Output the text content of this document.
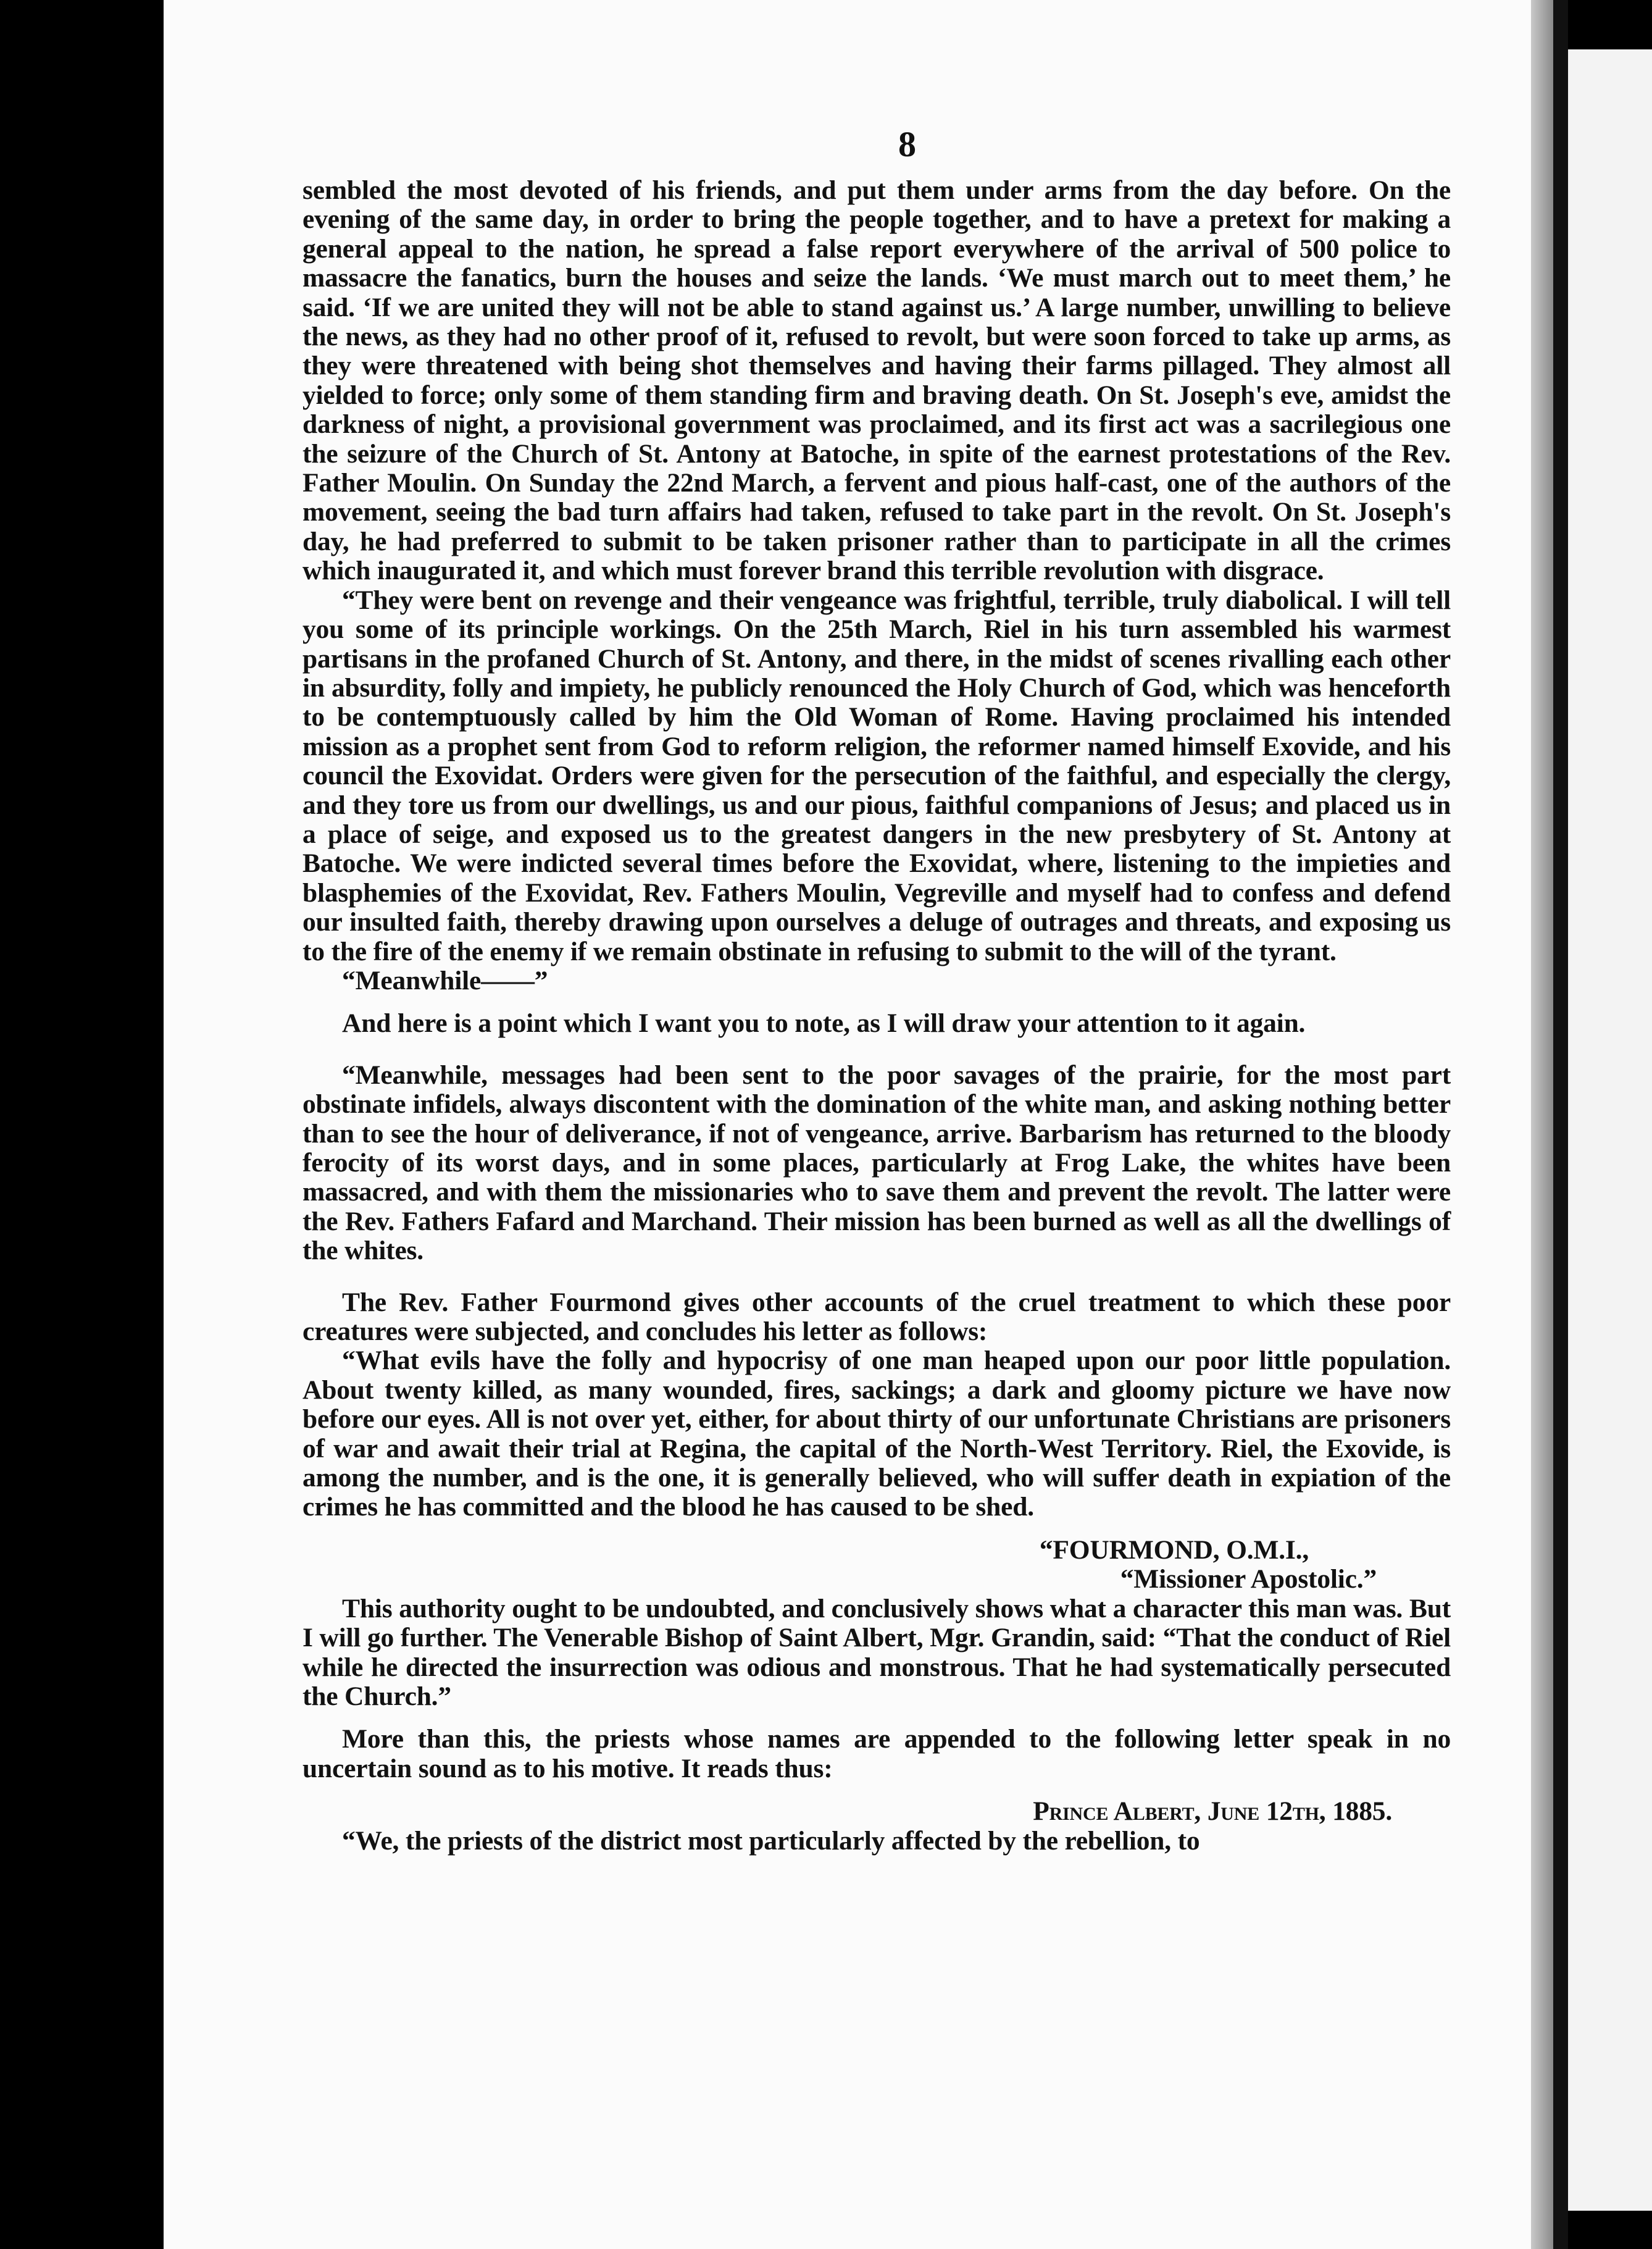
8

sembled the most devoted of his friends, and put them under arms from the day before. On the evening of the same day, in order to bring the people together, and to have a pretext for making a general appeal to the nation, he spread a false report everywhere of the arrival of 500 police to massacre the fanatics, burn the houses and seize the lands. ‘We must march out to meet them,’ he said. ‘If we are united they will not be able to stand against us.’ A large number, unwilling to believe the news, as they had no other proof of it, refused to revolt, but were soon forced to take up arms, as they were threatened with being shot themselves and having their farms pillaged. They almost all yielded to force; only some of them standing firm and braving death. On St. Joseph's eve, amidst the darkness of night, a provisional government was proclaimed, and its first act was a sacrilegious one the seizure of the Church of St. Antony at Batoche, in spite of the earnest protestations of the Rev. Father Moulin. On Sunday the 22nd March, a fervent and pious half-cast, one of the authors of the movement, seeing the bad turn affairs had taken, refused to take part in the revolt. On St. Joseph's day, he had preferred to submit to be taken prisoner rather than to participate in all the crimes which inaugurated it, and which must forever brand this terrible revolution with disgrace.

“They were bent on revenge and their vengeance was frightful, terrible, truly diabolical. I will tell you some of its principle workings. On the 25th March, Riel in his turn assembled his warmest partisans in the profaned Church of St. Antony, and there, in the midst of scenes rivalling each other in absurdity, folly and impiety, he publicly renounced the Holy Church of God, which was henceforth to be contemptuously called by him the Old Woman of Rome. Having proclaimed his intended mission as a prophet sent from God to reform religion, the reformer named himself Exovide, and his council the Exovidat. Orders were given for the persecution of the faithful, and especially the clergy, and they tore us from our dwellings, us and our pious, faithful companions of Jesus; and placed us in a place of seige, and exposed us to the greatest dangers in the new presbytery of St. Antony at Batoche. We were indicted several times before the Exovidat, where, listening to the impieties and blasphemies of the Exovidat, Rev. Fathers Moulin, Vegreville and myself had to confess and defend our insulted faith, thereby drawing upon ourselves a deluge of outrages and threats, and exposing us to the fire of the enemy if we remain obstinate in refusing to submit to the will of the tyrant.

“Meanwhile——”

And here is a point which I want you to note, as I will draw your attention to it again.

“Meanwhile, messages had been sent to the poor savages of the prairie, for the most part obstinate infidels, always discontent with the domination of the white man, and asking nothing better than to see the hour of deliverance, if not of vengeance, arrive. Barbarism has returned to the bloody ferocity of its worst days, and in some places, particularly at Frog Lake, the whites have been massacred, and with them the missionaries who to save them and prevent the revolt. The latter were the Rev. Fathers Fafard and Marchand. Their mission has been burned as well as all the dwellings of the whites.

The Rev. Father Fourmond gives other accounts of the cruel treatment to which these poor creatures were subjected, and concludes his letter as follows:

“What evils have the folly and hypocrisy of one man heaped upon our poor little population. About twenty killed, as many wounded, fires, sackings; a dark and gloomy picture we have now before our eyes. All is not over yet, either, for about thirty of our unfortunate Christians are prisoners of war and await their trial at Regina, the capital of the North-West Territory. Riel, the Exovide, is among the number, and is the one, it is generally believed, who will suffer death in expiation of the crimes he has committed and the blood he has caused to be shed.

“FOURMOND, O.M.I.,

“Missioner Apostolic.”

This authority ought to be undoubted, and conclusively shows what a character this man was. But I will go further. The Venerable Bishop of Saint Albert, Mgr. Grandin, said: “That the conduct of Riel while he directed the insurrection was odious and monstrous. That he had systematically persecuted the Church.”

More than this, the priests whose names are appended to the following letter speak in no uncertain sound as to his motive. It reads thus:

Prince Albert, June 12th, 1885.

“We, the priests of the district most particularly affected by the rebellion, to
